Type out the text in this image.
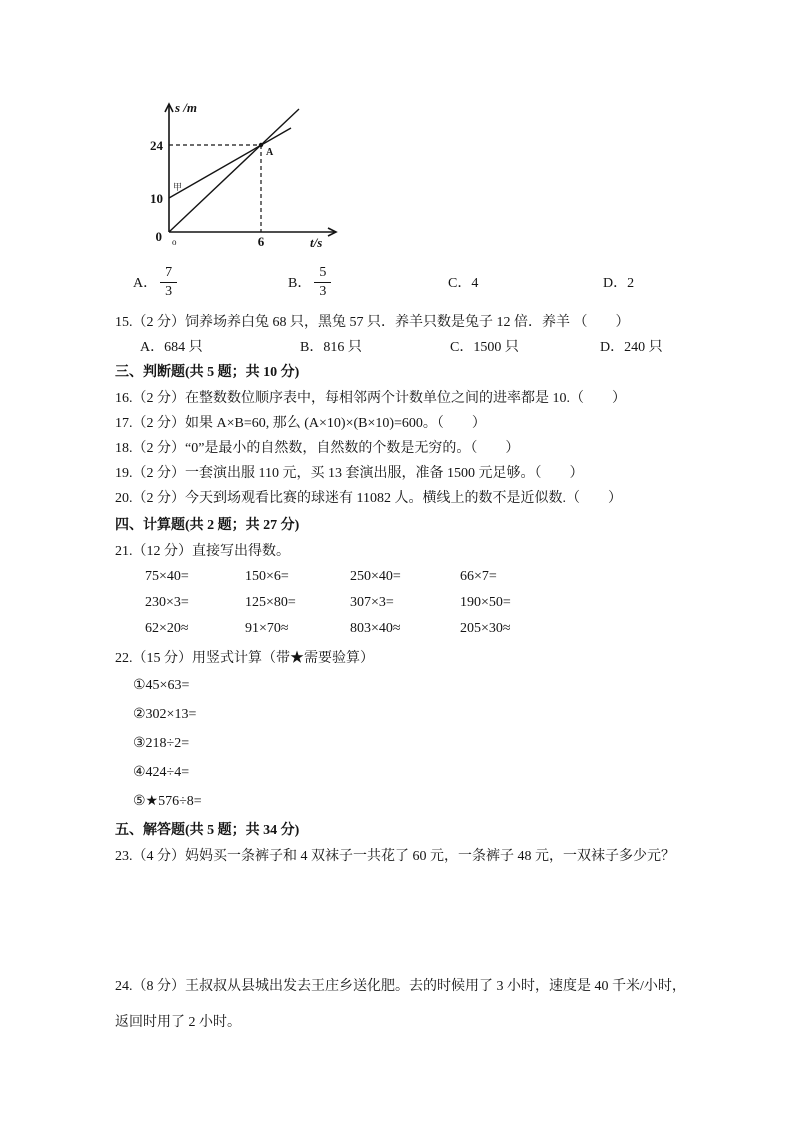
s /m
t/s
24
10
0	6
o
A
甲
A． $\frac{7}{3}$	B． $\frac{5}{3}$	C．4	D．2

15.（2 分）饲养场养白兔 68 只，黑兔 57 只．养羊只数是兔子 12 倍．养羊 （　　）

A．684 只	B．816 只	C．1500 只	D．240 只

三、判断题(共 5 题；共 10 分)

16.（2 分）在整数数位顺序表中，每相邻两个计数单位之间的进率都是 10.（　　）

17.（2 分）如果 A×B=60, 那么 (A×10)×(B×10)=600。（　　）

18.（2 分）“0”是最小的自然数，自然数的个数是无穷的。（　　）

19.（2 分）一套演出服 110 元，买 13 套演出服，准备 1500 元足够。（　　）

20.（2 分）今天到场观看比赛的球迷有 11082 人。横线上的数不是近似数.（　　）

四、计算题(共 2 题；共 27 分)

21.（12 分）直接写出得数。

75×40=	150×6=	250×40=	66×7=
230×3=	125×80=	307×3=	190×50=
62×20≈	91×70≈	803×40≈	205×30≈

22.（15 分）用竖式计算（带★需要验算）

①45×63=
②302×13=
③218÷2=
④424÷4=
⑤★576÷8=

五、解答题(共 5 题；共 34 分)

23.（4 分）妈妈买一条裤子和 4 双袜子一共花了 60 元，一条裤子 48 元，一双袜子多少元？

24.（8 分）王叔叔从县城出发去王庄乡送化肥。去的时候用了 3 小时，速度是 40 千米/小时，返回时用了 2 小时。
